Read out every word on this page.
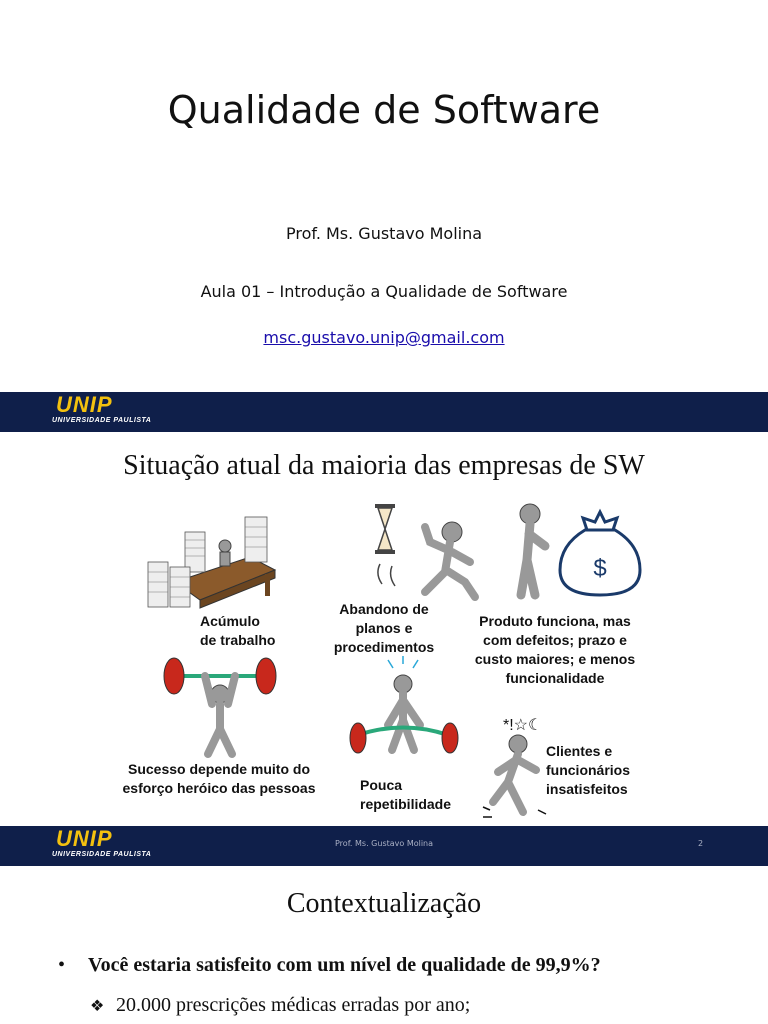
Qualidade de Software
Prof. Ms. Gustavo Molina
Aula 01 – Introdução a Qualidade de Software
msc.gustavo.unip@gmail.com
UNIP
UNIVERSIDADE PAULISTA
Situação atual da maioria das empresas de SW
Acúmulo
de trabalho
Abandono de
planos e
procedimentos
$
Produto funciona, mas
com defeitos; prazo e
custo maiores; e menos
funcionalidade
Sucesso depende muito do
esforço heróico das pessoas	Pouca
repetibilidade
*!☆☾
Clientes e
funcionários
insatisfeitos
UNIP
UNIVERSIDADE PAULISTA
Prof. Ms. Gustavo Molina	2
Contextualização
• Você estaria satisfeito com um nível de qualidade de 99,9%?
❖ 20.000 prescrições médicas erradas por ano;
